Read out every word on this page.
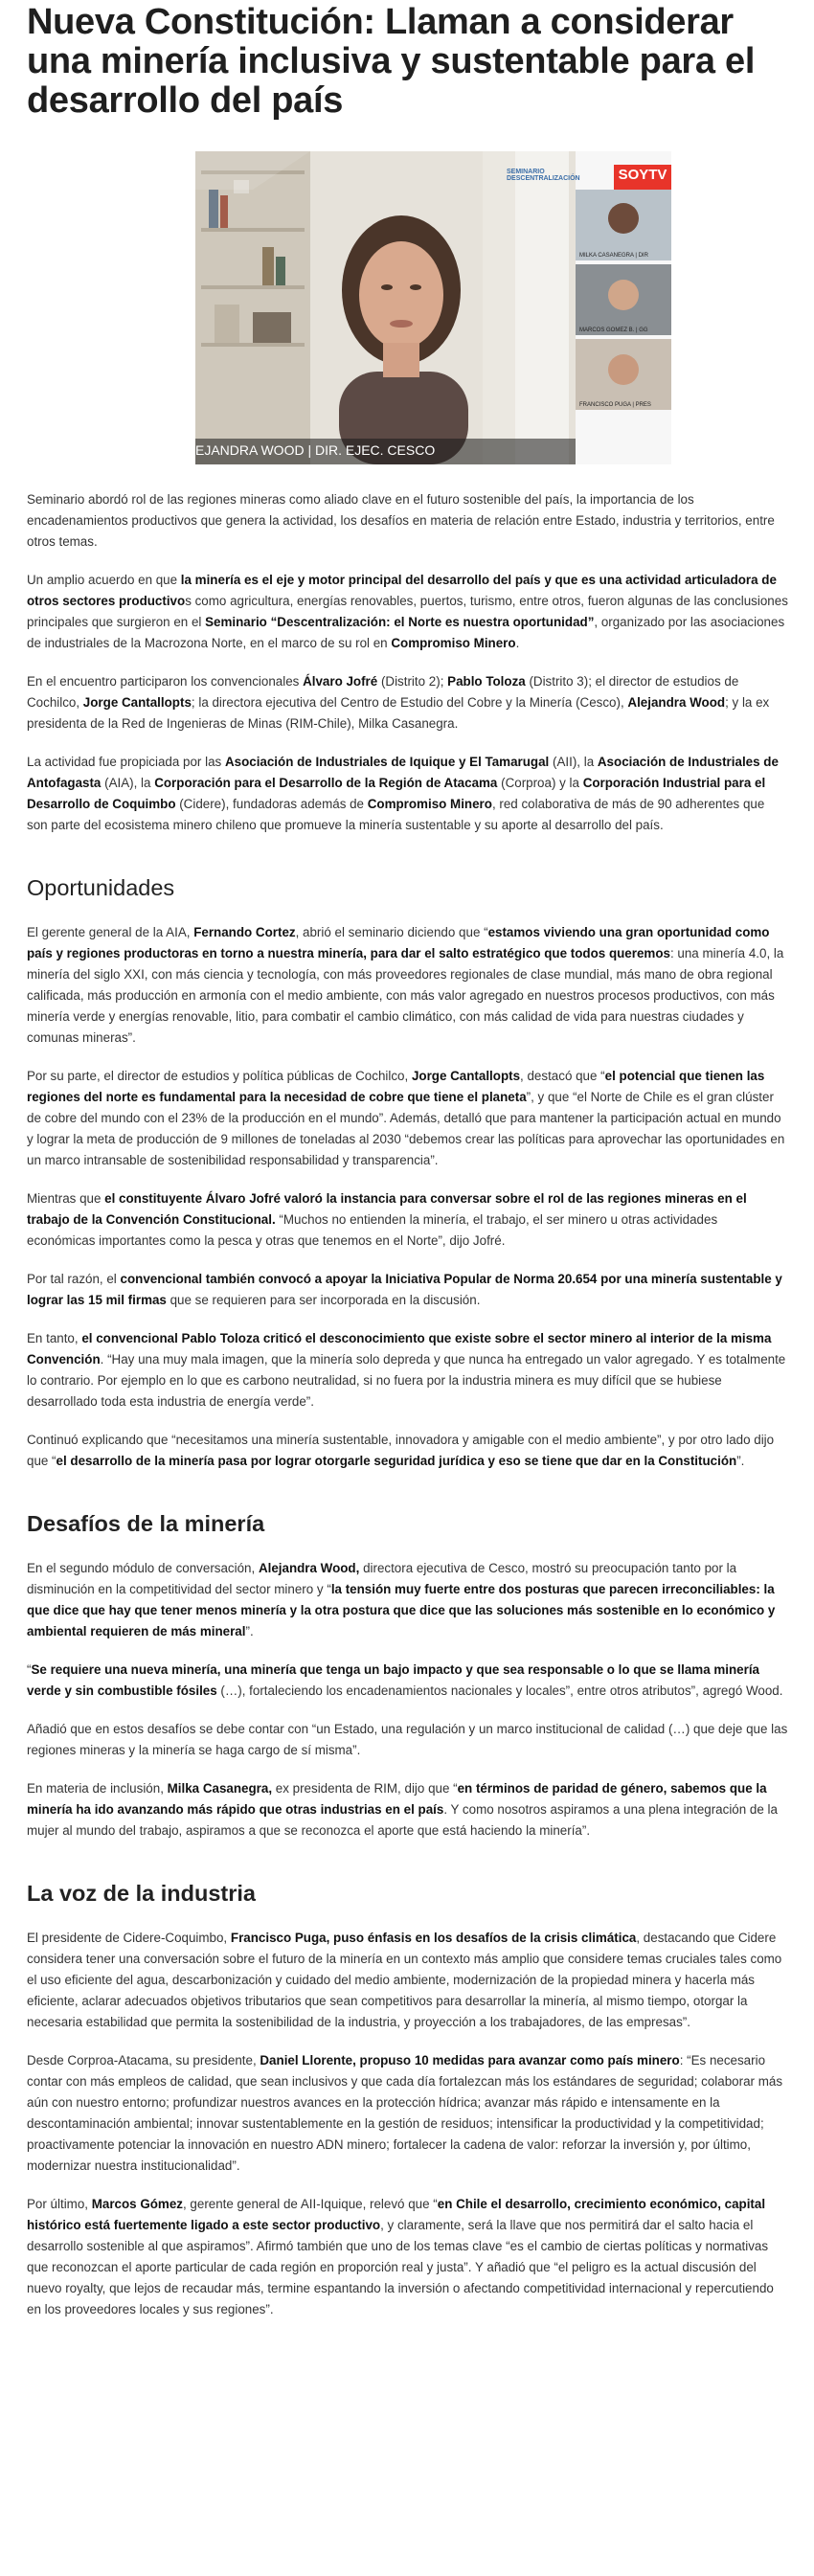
Nueva Constitución: Llaman a considerar una minería inclusiva y sustentable para el desarrollo del país
SOYTV
SEMINARIO DESCENTRALIZACIÓN
EJANDRA WOOD | DIR. EJEC. CESCO
MILKA CASANEGRA | DIR
MARCOS GOMEZ B. | GG
FRANCISCO PUGA | PRES

Seminario abordó rol de las regiones mineras como aliado clave en el futuro sostenible del país, la importancia de los encadenamientos productivos que genera la actividad, los desafíos en materia de relación entre Estado, industria y territorios, entre otros temas.

Un amplio acuerdo en que la minería es el eje y motor principal del desarrollo del país y que es una actividad articuladora de otros sectores productivos como agricultura, energías renovables, puertos, turismo, entre otros, fueron algunas de las conclusiones principales que surgieron en el Seminario “Descentralización: el Norte es nuestra oportunidad”, organizado por las asociaciones de industriales de la Macrozona Norte, en el marco de su rol en Compromiso Minero.

En el encuentro participaron los convencionales Álvaro Jofré (Distrito 2); Pablo Toloza (Distrito 3); el director de estudios de Cochilco, Jorge Cantallopts; la directora ejecutiva del Centro de Estudio del Cobre y la Minería (Cesco), Alejandra Wood; y la ex presidenta de la Red de Ingenieras de Minas (RIM-Chile), Milka Casanegra.

La actividad fue propiciada por las Asociación de Industriales de Iquique y El Tamarugal (AII), la Asociación de Industriales de Antofagasta (AIA), la Corporación para el Desarrollo de la Región de Atacama (Corproa) y la Corporación Industrial para el Desarrollo de Coquimbo (Cidere), fundadoras además de Compromiso Minero, red colaborativa de más de 90 adherentes que son parte del ecosistema minero chileno que promueve la minería sustentable y su aporte al desarrollo del país.

Oportunidades

El gerente general de la AIA, Fernando Cortez, abrió el seminario diciendo que “estamos viviendo una gran oportunidad como país y regiones productoras en torno a nuestra minería, para dar el salto estratégico que todos queremos: una minería 4.0, la minería del siglo XXI, con más ciencia y tecnología, con más proveedores regionales de clase mundial, más mano de obra regional calificada, más producción en armonía con el medio ambiente, con más valor agregado en nuestros procesos productivos, con más minería verde y energías renovable, litio, para combatir el cambio climático, con más calidad de vida para nuestras ciudades y comunas mineras”.

Por su parte, el director de estudios y política públicas de Cochilco, Jorge Cantallopts, destacó que “el potencial que tienen las regiones del norte es fundamental para la necesidad de cobre que tiene el planeta”, y que “el Norte de Chile es el gran clúster de cobre del mundo con el 23% de la producción en el mundo”. Además, detalló que para mantener la participación actual en mundo y lograr la meta de producción de 9 millones de toneladas al 2030 “debemos crear las políticas para aprovechar las oportunidades en un marco intransable de sostenibilidad responsabilidad y transparencia”.

Mientras que el constituyente Álvaro Jofré valoró la instancia para conversar sobre el rol de las regiones mineras en el trabajo de la Convención Constitucional. “Muchos no entienden la minería, el trabajo, el ser minero u otras actividades económicas importantes como la pesca y otras que tenemos en el Norte”, dijo Jofré.

Por tal razón, el convencional también convocó a apoyar la Iniciativa Popular de Norma 20.654 por una minería sustentable y lograr las 15 mil firmas que se requieren para ser incorporada en la discusión.

En tanto, el convencional Pablo Toloza criticó el desconocimiento que existe sobre el sector minero al interior de la misma Convención. “Hay una muy mala imagen, que la minería solo depreda y que nunca ha entregado un valor agregado. Y es totalmente lo contrario. Por ejemplo en lo que es carbono neutralidad, si no fuera por la industria minera es muy difícil que se hubiese desarrollado toda esta industria de energía verde”.

Continuó explicando que “necesitamos una minería sustentable, innovadora y amigable con el medio ambiente”, y por otro lado dijo que “el desarrollo de la minería pasa por lograr otorgarle seguridad jurídica y eso se tiene que dar en la Constitución”.

Desafíos de la minería

En el segundo módulo de conversación, Alejandra Wood, directora ejecutiva de Cesco, mostró su preocupación tanto por la disminución en la competitividad del sector minero y “la tensión muy fuerte entre dos posturas que parecen irreconciliables: la que dice que hay que tener menos minería y la otra postura que dice que las soluciones más sostenible en lo económico y ambiental requieren de más mineral”.

“Se requiere una nueva minería, una minería que tenga un bajo impacto y que sea responsable o lo que se llama minería verde y sin combustible fósiles (…), fortaleciendo los encadenamientos nacionales y locales”, entre otros atributos”, agregó Wood.

Añadió que en estos desafíos se debe contar con “un Estado, una regulación y un marco institucional de calidad (…) que deje que las regiones mineras y la minería se haga cargo de sí misma”.

En materia de inclusión, Milka Casanegra, ex presidenta de RIM, dijo que “en términos de paridad de género, sabemos que la minería ha ido avanzando más rápido que otras industrias en el país. Y como nosotros aspiramos a una plena integración de la mujer al mundo del trabajo, aspiramos a que se reconozca el aporte que está haciendo la minería”.

La voz de la industria

El presidente de Cidere-Coquimbo, Francisco Puga, puso énfasis en los desafíos de la crisis climática, destacando que Cidere considera tener una conversación sobre el futuro de la minería en un contexto más amplio que considere temas cruciales tales como el uso eficiente del agua, descarbonización y cuidado del medio ambiente, modernización de la propiedad minera y hacerla más eficiente, aclarar adecuados objetivos tributarios que sean competitivos para desarrollar la minería, al mismo tiempo, otorgar la necesaria estabilidad que permita la sostenibilidad de la industria, y proyección a los trabajadores, de las empresas”.

Desde Corproa-Atacama, su presidente, Daniel Llorente, propuso 10 medidas para avanzar como país minero: “Es necesario contar con más empleos de calidad, que sean inclusivos y que cada día fortalezcan más los estándares de seguridad; colaborar más aún con nuestro entorno; profundizar nuestros avances en la protección hídrica; avanzar más rápido e intensamente en la descontaminación ambiental; innovar sustentablemente en la gestión de residuos; intensificar la productividad y la competitividad; proactivamente potenciar la innovación en nuestro ADN minero; fortalecer la cadena de valor: reforzar la inversión y, por último, modernizar nuestra institucionalidad”.

Por último, Marcos Gómez, gerente general de AII-Iquique, relevó que “en Chile el desarrollo, crecimiento económico, capital histórico está fuertemente ligado a este sector productivo, y claramente, será la llave que nos permitirá dar el salto hacia el desarrollo sostenible al que aspiramos”. Afirmó también que uno de los temas clave “es el cambio de ciertas políticas y normativas que reconozcan el aporte particular de cada región en proporción real y justa”. Y añadió que “el peligro es la actual discusión del nuevo royalty, que lejos de recaudar más, termine espantando la inversión o afectando competitividad internacional y repercutiendo en los proveedores locales y sus regiones”.
